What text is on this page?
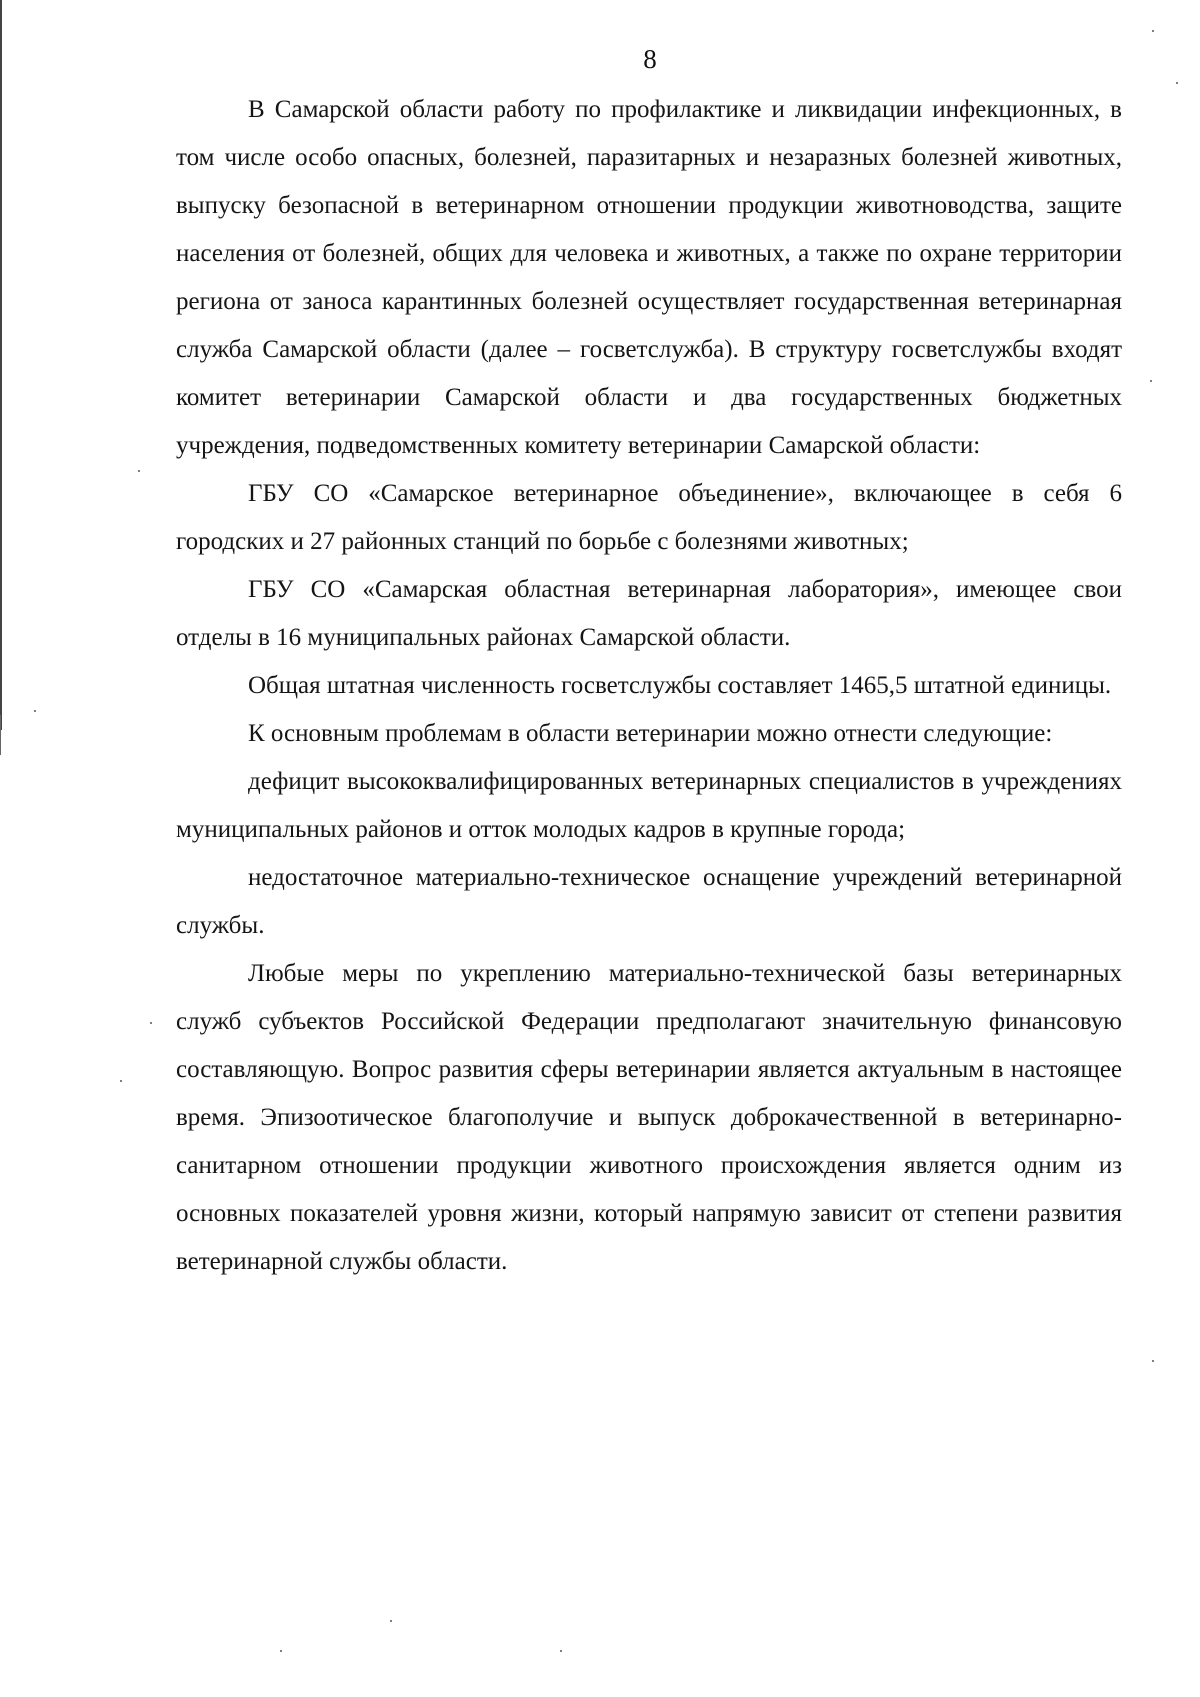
8

В Самарской области работу по профилактике и ликвидации инфекционных, в том числе особо опасных, болезней, паразитарных и незаразных болезней животных, выпуску безопасной в ветеринарном отношении продукции животноводства, защите населения от болезней, общих для человека и животных, а также по охране территории региона от заноса карантинных болезней осуществляет государственная ветеринарная служба Самарской области (далее – госветслужба). В структуру госветслужбы входят комитет ветеринарии Самарской области и два государственных бюджетных учреждения, подведомственных комитету ветеринарии Самарской области:

ГБУ СО «Самарское ветеринарное объединение», включающее в себя 6 городских и 27 районных станций по борьбе с болезнями животных;

ГБУ СО «Самарская областная ветеринарная лаборатория», имеющее свои отделы в 16 муниципальных районах Самарской области.

Общая штатная численность госветслужбы составляет 1465,5 штатной единицы.

К основным проблемам в области ветеринарии можно отнести следующие:

дефицит высококвалифицированных ветеринарных специалистов в учреждениях муниципальных районов и отток молодых кадров в крупные города;

недостаточное материально-техническое оснащение учреждений ветеринарной службы.

Любые меры по укреплению материально-технической базы ветеринарных служб субъектов Российской Федерации предполагают значительную финансовую составляющую. Вопрос развития сферы ветеринарии является актуальным в настоящее время. Эпизоотическое благополучие и выпуск доброкачественной в ветеринарно-санитарном отношении продукции животного происхождения является одним из основных показателей уровня жизни, который напрямую зависит от степени развития ветеринарной службы области.
